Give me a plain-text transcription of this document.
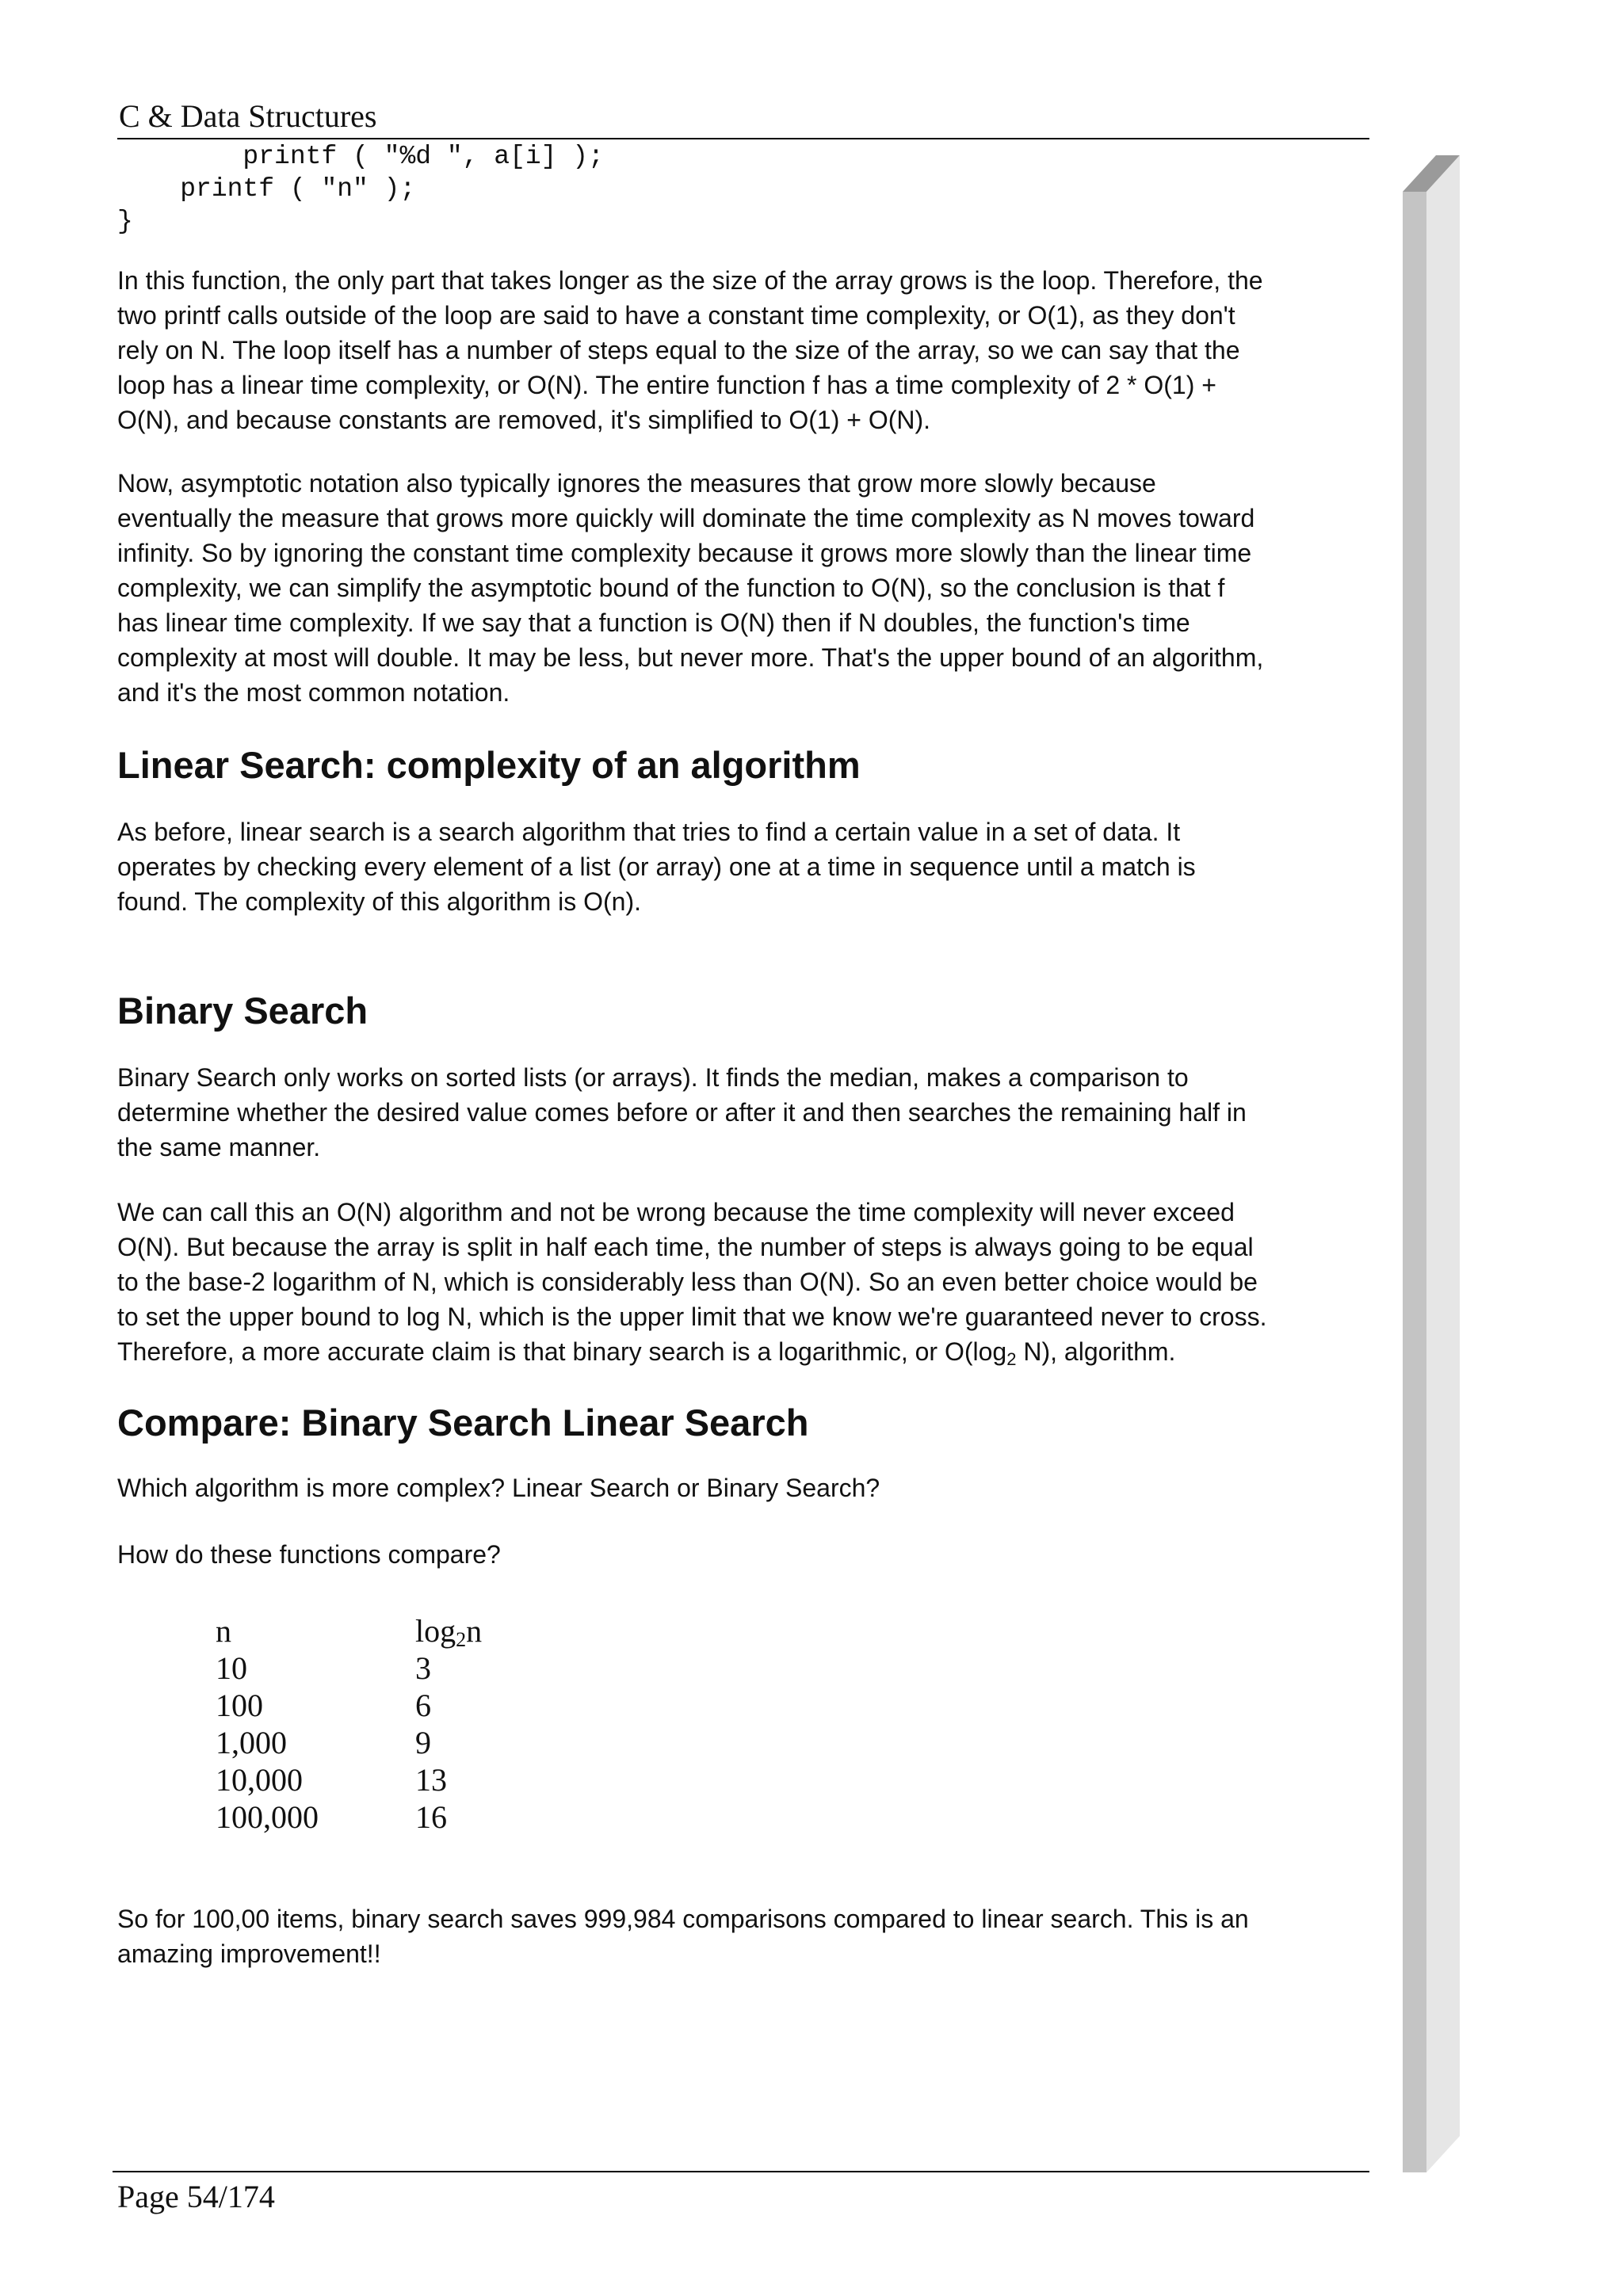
C & Data Structures
printf ( "%d ", a[i] );
printf ( "n" );
}
In this function, the only part that takes longer as the size of the array grows is the loop. Therefore, the
two printf calls outside of the loop are said to have a constant time complexity, or O(1), as they don't
rely on N. The loop itself has a number of steps equal to the size of the array, so we can say that the
loop has a linear time complexity, or O(N). The entire function f has a time complexity of 2 * O(1) +
O(N), and because constants are removed, it's simplified to O(1) + O(N).
Now, asymptotic notation also typically ignores the measures that grow more slowly because
eventually the measure that grows more quickly will dominate the time complexity as N moves toward
infinity. So by ignoring the constant time complexity because it grows more slowly than the linear time
complexity, we can simplify the asymptotic bound of the function to O(N), so the conclusion is that f
has linear time complexity. If we say that a function is O(N) then if N doubles, the function's time
complexity at most will double. It may be less, but never more. That's the upper bound of an algorithm,
and it's the most common notation.
Linear Search: complexity of an algorithm
As before, linear search is a search algorithm that tries to find a certain value in a set of data. It
operates by checking every element of a list (or array) one at a time in sequence until a match is
found. The complexity of this algorithm is O(n).
Binary Search
Binary Search only works on sorted lists (or arrays). It finds the median, makes a comparison to
determine whether the desired value comes before or after it and then searches the remaining half in
the same manner.
We can call this an O(N) algorithm and not be wrong because the time complexity will never exceed
O(N). But because the array is split in half each time, the number of steps is always going to be equal
to the base-2 logarithm of N, which is considerably less than O(N). So an even better choice would be
to set the upper bound to log N, which is the upper limit that we know we're guaranteed never to cross.
Therefore, a more accurate claim is that binary search is a logarithmic, or $O(\log_2$ N), algorithm.
Compare: Binary Search Linear Search
Which algorithm is more complex? Linear Search or Binary Search?
How do these functions compare?
n	log2n
10	3
100	6
1,000	9
10,000	13
100,000	16
So for 100,00 items, binary search saves 999,984 comparisons compared to linear search. This is an
amazing improvement!!
Page 54/174
